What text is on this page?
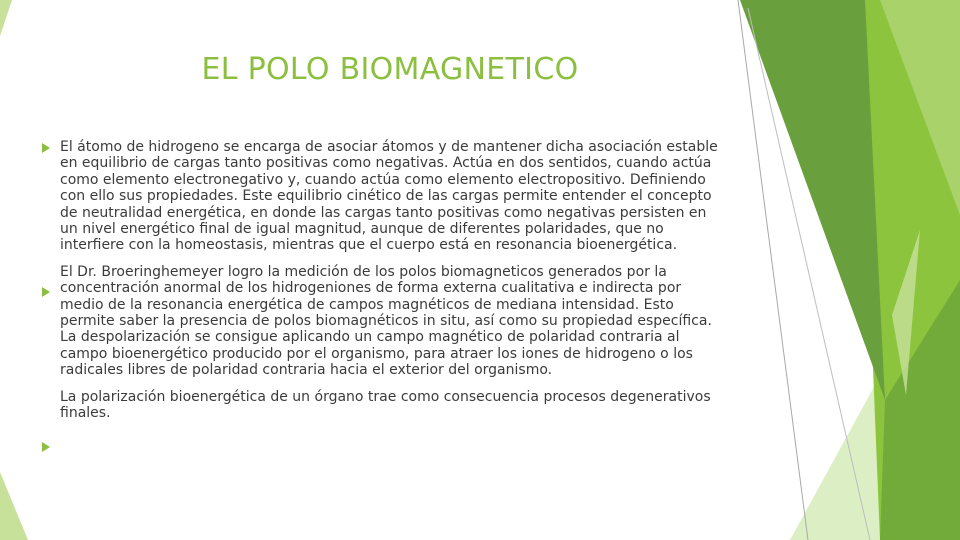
EL POLO BIOMAGNETICO

El átomo de hidrogeno se encarga de asociar átomos y de mantener dicha asociación estable en equilibrio de cargas tanto positivas como negativas. Actúa en dos sentidos, cuando actúa como elemento electronegativo y, cuando actúa como elemento electropositivo. Definiendo con ello sus propiedades. Este equilibrio cinético de las cargas permite entender el concepto de neutralidad energética, en donde las cargas tanto positivas como negativas persisten en un nivel energético final de igual magnitud, aunque de diferentes polaridades, que no interfiere con la homeostasis, mientras que el cuerpo está en resonancia bioenergética.

El Dr. Broeringhemeyer logro la medición de los polos biomagneticos generados por la concentración anormal de los hidrogeniones de forma externa cualitativa e indirecta por medio de la resonancia energética de campos magnéticos de mediana intensidad. Esto permite saber la presencia de polos biomagnéticos in situ, así como su propiedad específica.

La despolarización se consigue aplicando un campo magnético de polaridad contraria al campo bioenergético producido por el organismo, para atraer los iones de hidrogeno o los radicales libres de polaridad contraria hacia el exterior del organismo.

La polarización bioenergética de un órgano trae como consecuencia procesos degenerativos finales.
